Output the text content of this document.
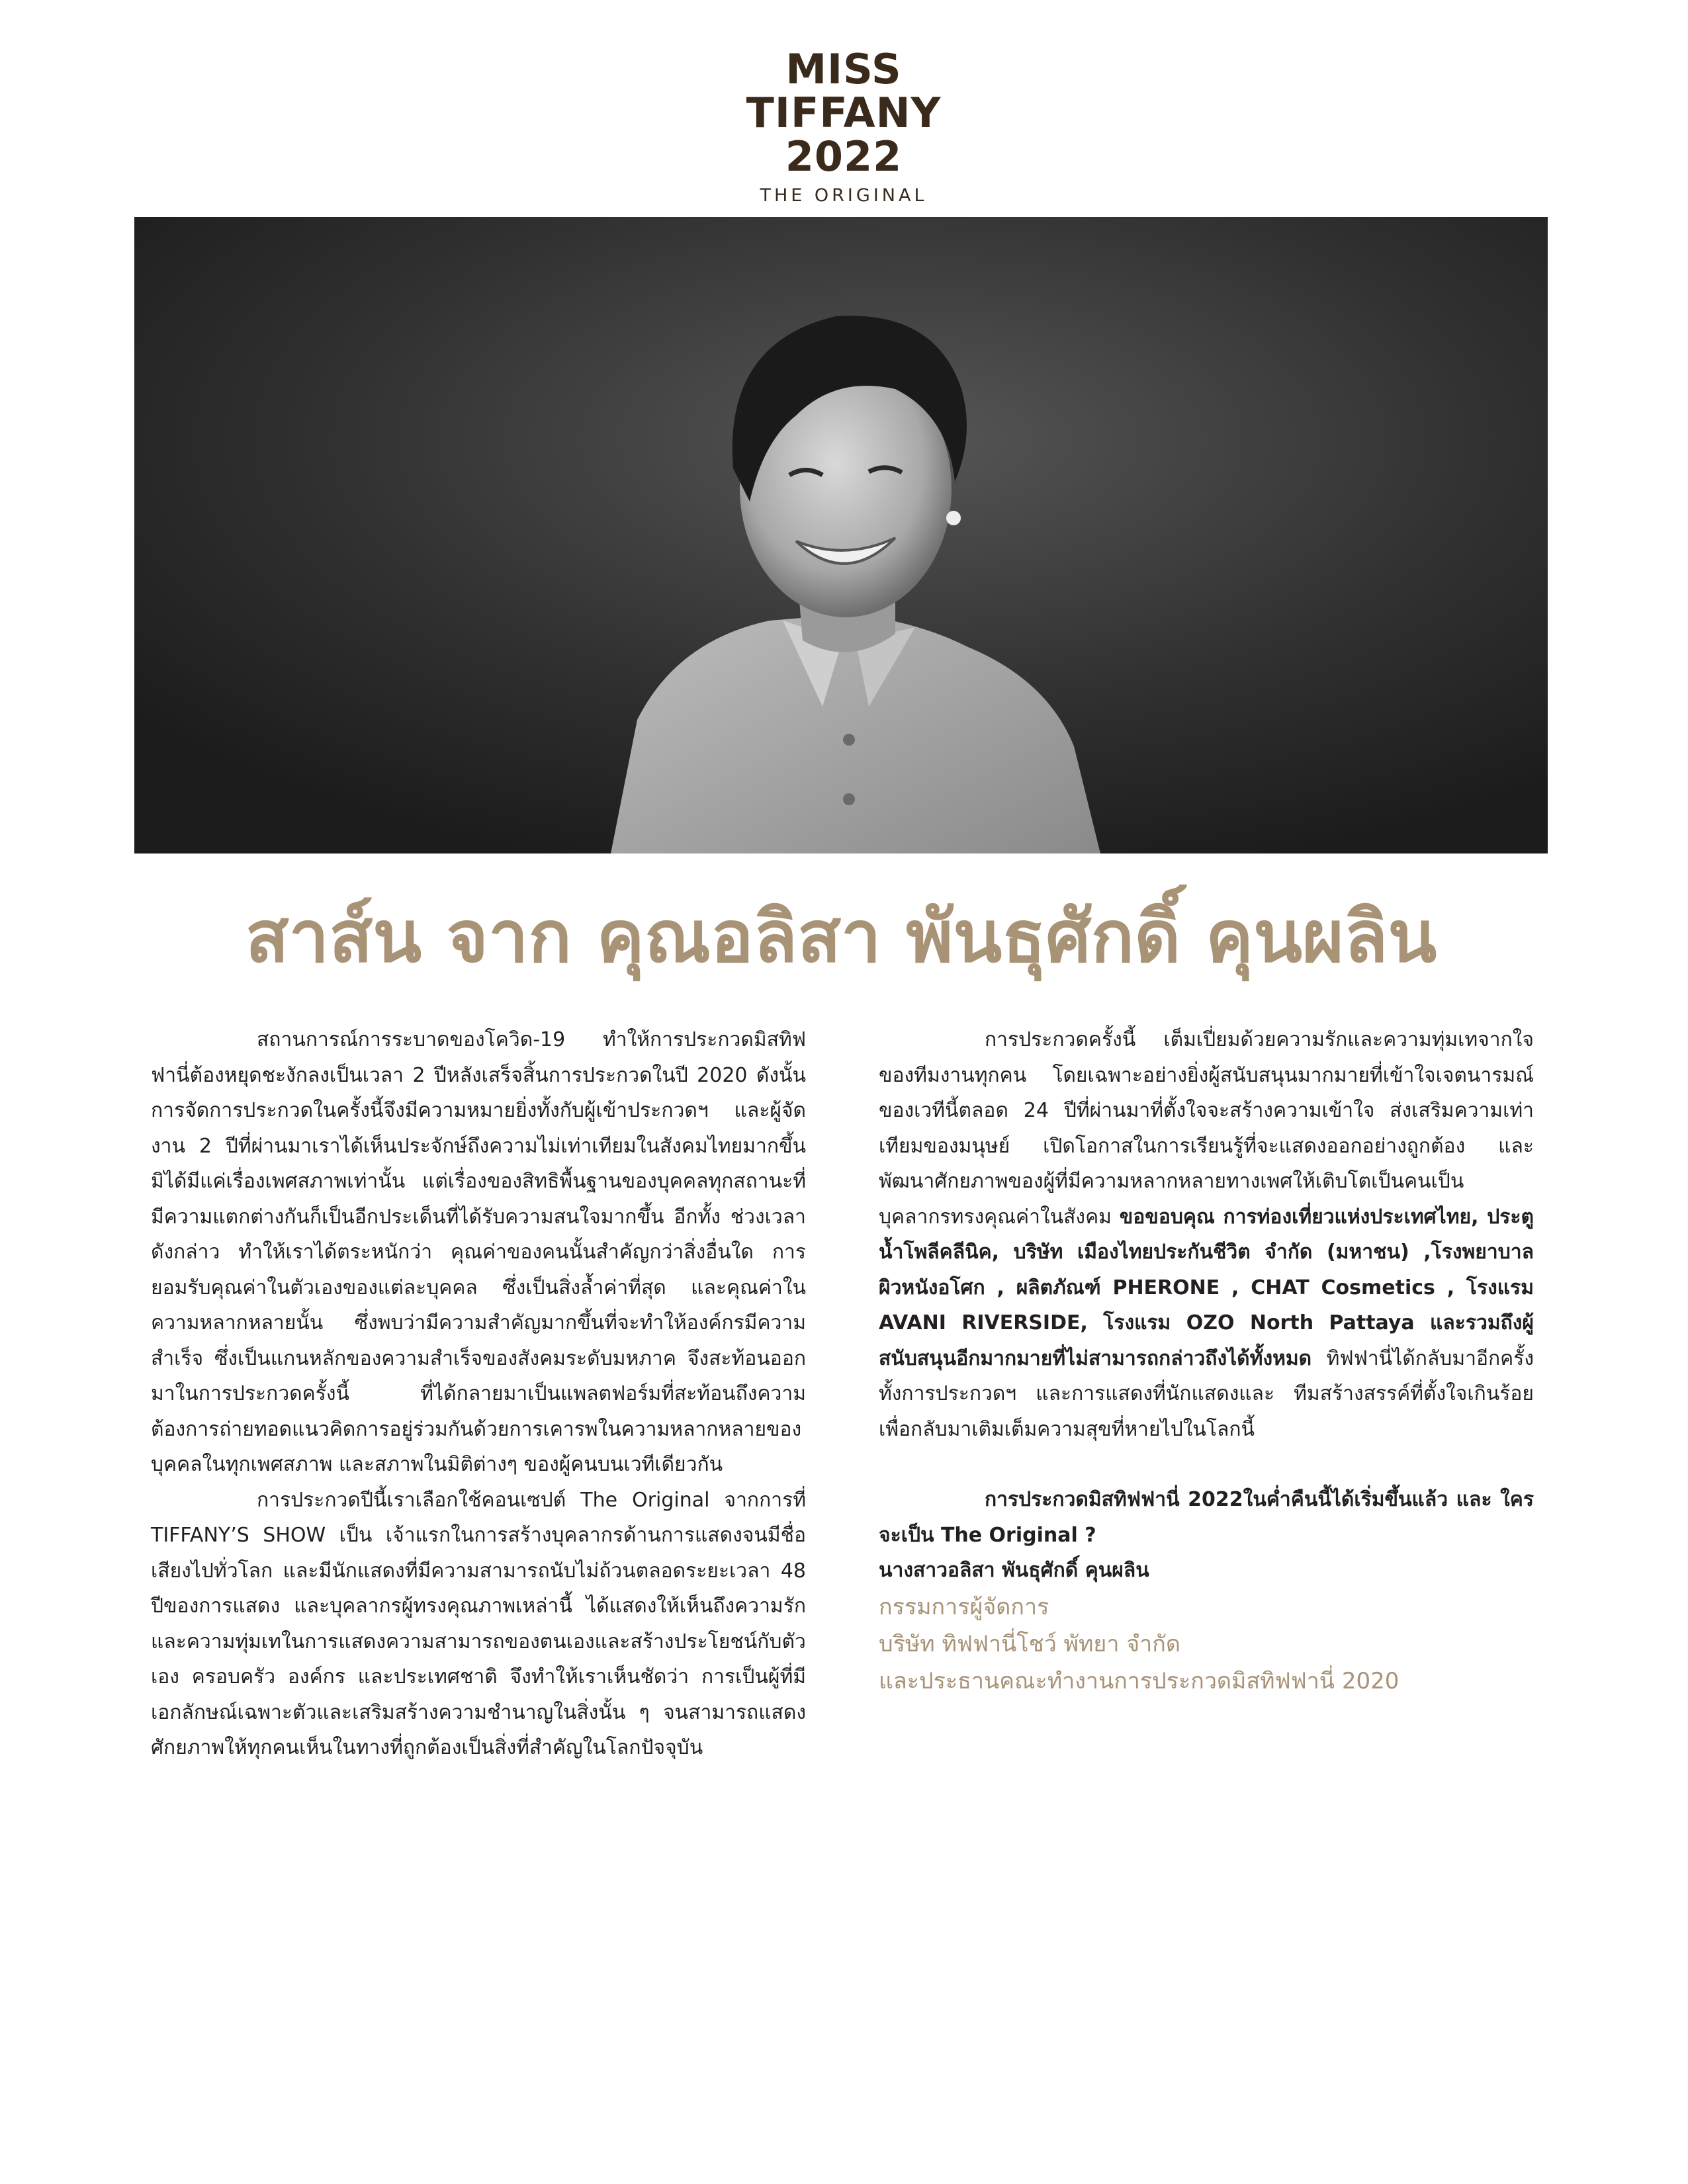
MISS
TIFFANY
2022
THE ORIGINAL
สาส์น จาก คุณอลิสา พันธุศักดิ์ คุนผลิน

สถานการณ์การระบาดของโควิด-19 ทำให้การประกวดมิสทิฟฟานี่ต้องหยุดชะงักลงเป็นเวลา 2 ปีหลังเสร็จสิ้นการประกวดในปี 2020 ดังนั้นการจัดการประกวดในครั้งนี้จึงมีความหมายยิ่งทั้งกับผู้เข้าประกวดฯ และผู้จัดงาน 2 ปีที่ผ่านมาเราได้เห็นประจักษ์ถึงความไม่เท่าเทียมในสังคมไทยมากขึ้น มิได้มีแค่เรื่องเพศสภาพเท่านั้น แต่เรื่องของสิทธิพื้นฐานของบุคคลทุกสถานะที่มีความแตกต่างกันก็เป็นอีกประเด็นที่ได้รับความสนใจมากขึ้น อีกทั้ง ช่วงเวลาดังกล่าว ทำให้เราได้ตระหนักว่า คุณค่าของคนนั้นสำคัญกว่าสิ่งอื่นใด การยอมรับคุณค่าในตัวเองของแต่ละบุคคล ซึ่งเป็นสิ่งล้ำค่าที่สุด และคุณค่าในความหลากหลายนั้น ซึ่งพบว่ามีความสำคัญมากขึ้นที่จะทำให้องค์กรมีความสำเร็จ ซึ่งเป็นแกนหลักของความสำเร็จของสังคมระดับมหภาค จึงสะท้อนออกมาในการประกวดครั้งนี้ ที่ได้กลายมาเป็นแพลตฟอร์มที่สะท้อนถึงความต้องการถ่ายทอดแนวคิดการอยู่ร่วมกันด้วยการเคารพในความหลากหลายของบุคคลในทุกเพศสภาพ และสภาพในมิติต่างๆ ของผู้คนบนเวทีเดียวกัน

การประกวดปีนี้เราเลือกใช้คอนเซปต์ The Original จากการที่ TIFFANY’S SHOW เป็น เจ้าแรกในการสร้างบุคลากรด้านการแสดงจนมีชื่อเสียงไปทั่วโลก และมีนักแสดงที่มีความสามารถนับไม่ถ้วนตลอดระยะเวลา 48 ปีของการแสดง และบุคลากรผู้ทรงคุณภาพเหล่านี้ ได้แสดงให้เห็นถึงความรักและความทุ่มเทในการแสดงความสามารถของตนเองและสร้างประโยชน์กับตัวเอง ครอบครัว องค์กร และประเทศชาติ จึงทำให้เราเห็นชัดว่า การเป็นผู้ที่มีเอกลักษณ์เฉพาะตัวและเสริมสร้างความชำนาญในสิ่งนั้น ๆ จนสามารถแสดงศักยภาพให้ทุกคนเห็นในทางที่ถูกต้องเป็นสิ่งที่สำคัญในโลกปัจจุบัน

การประกวดครั้งนี้ เต็มเปี่ยมด้วยความรักและความทุ่มเทจากใจของทีมงานทุกคน โดยเฉพาะอย่างยิ่งผู้สนับสนุนมากมายที่เข้าใจเจตนารมณ์ของเวทีนี้ตลอด 24 ปีที่ผ่านมาที่ตั้งใจจะสร้างความเข้าใจ ส่งเสริมความเท่าเทียมของมนุษย์ เปิดโอกาสในการเรียนรู้ที่จะแสดงออกอย่างถูกต้อง และพัฒนาศักยภาพของผู้ที่มีความหลากหลายทางเพศให้เติบโตเป็นคนเป็นบุคลากรทรงคุณค่าในสังคม ขอขอบคุณ การท่องเที่ยวแห่งประเทศไทย, ประตูน้ำโพลีคลีนิค, บริษัท เมืองไทยประกันชีวิต จำกัด (มหาชน) ,โรงพยาบาลผิวหนังอโศก , ผลิตภัณฑ์ PHERONE , CHAT Cosmetics , โรงแรม AVANI RIVERSIDE, โรงแรม OZO North Pattaya และรวมถึงผู้สนับสนุนอีกมากมายที่ไม่สามารถกล่าวถึงได้ทั้งหมด ทิฟฟานี่ได้กลับมาอีกครั้งทั้งการประกวดฯ และการแสดงที่นักแสดงและ ทีมสร้างสรรค์ที่ตั้งใจเกินร้อย เพื่อกลับมาเติมเต็มความสุขที่หายไปในโลกนี้

การประกวดมิสทิฟฟานี่ 2022ในค่ำคืนนี้ได้เริ่มขึ้นแล้ว และ ใครจะเป็น The Original ?

นางสาวอลิสา พันธุศักดิ์ คุนผลิน

กรรมการผู้จัดการ

บริษัท ทิฟฟานี่โชว์ พัทยา จำกัด

และประธานคณะทำงานการประกวดมิสทิฟฟานี่ 2020
